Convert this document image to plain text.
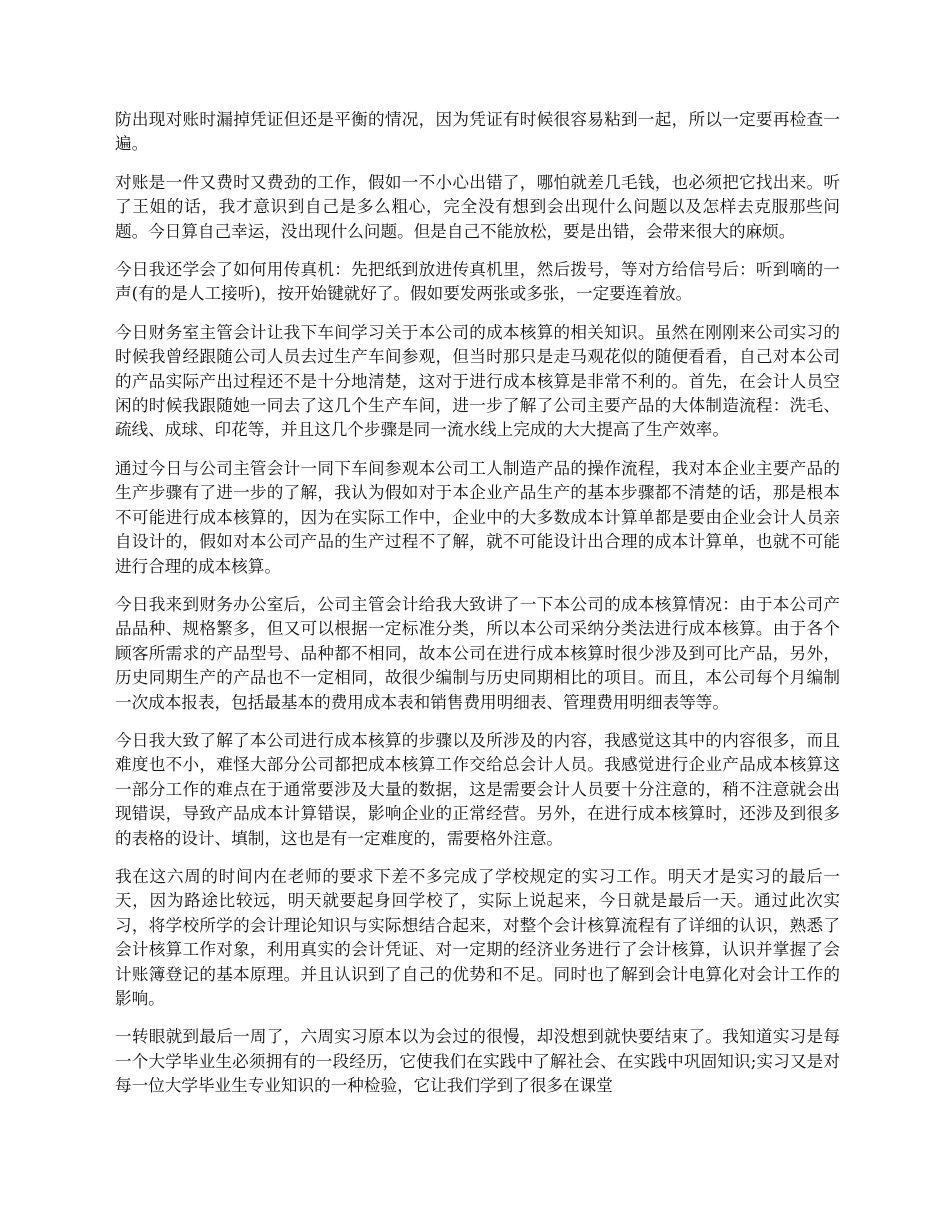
防出现对账时漏掉凭证但还是平衡的情况，因为凭证有时候很容易粘到一起，所以一定要再检查一遍。

对账是一件又费时又费劲的工作，假如一不小心出错了，哪怕就差几毛钱，也必须把它找出来。听了王姐的话，我才意识到自己是多么粗心，完全没有想到会出现什么问题以及怎样去克服那些问题。今日算自己幸运，没出现什么问题。但是自己不能放松，要是出错，会带来很大的麻烦。

今日我还学会了如何用传真机：先把纸到放进传真机里，然后拨号，等对方给信号后：听到嘀的一声(有的是人工接听)，按开始键就好了。假如要发两张或多张，一定要连着放。

今日财务室主管会计让我下车间学习关于本公司的成本核算的相关知识。虽然在刚刚来公司实习的时候我曾经跟随公司人员去过生产车间参观，但当时那只是走马观花似的随便看看，自己对本公司的产品实际产出过程还不是十分地清楚，这对于进行成本核算是非常不利的。首先，在会计人员空闲的时候我跟随她一同去了这几个生产车间，进一步了解了公司主要产品的大体制造流程：洗毛、疏线、成球、印花等，并且这几个步骤是同一流水线上完成的大大提高了生产效率。

通过今日与公司主管会计一同下车间参观本公司工人制造产品的操作流程，我对本企业主要产品的生产步骤有了进一步的了解，我认为假如对于本企业产品生产的基本步骤都不清楚的话，那是根本不可能进行成本核算的，因为在实际工作中，企业中的大多数成本计算单都是要由企业会计人员亲自设计的，假如对本公司产品的生产过程不了解，就不可能设计出合理的成本计算单，也就不可能进行合理的成本核算。

今日我来到财务办公室后，公司主管会计给我大致讲了一下本公司的成本核算情况：由于本公司产品品种、规格繁多，但又可以根据一定标准分类，所以本公司采纳分类法进行成本核算。由于各个顾客所需求的产品型号、品种都不相同，故本公司在进行成本核算时很少涉及到可比产品，另外，历史同期生产的产品也不一定相同，故很少编制与历史同期相比的项目。而且，本公司每个月编制一次成本报表，包括最基本的费用成本表和销售费用明细表、管理费用明细表等等。

今日我大致了解了本公司进行成本核算的步骤以及所涉及的内容，我感觉这其中的内容很多，而且难度也不小，难怪大部分公司都把成本核算工作交给总会计人员。我感觉进行企业产品成本核算这一部分工作的难点在于通常要涉及大量的数据，这是需要会计人员要十分注意的，稍不注意就会出现错误，导致产品成本计算错误，影响企业的正常经营。另外，在进行成本核算时，还涉及到很多的表格的设计、填制，这也是有一定难度的，需要格外注意。

我在这六周的时间内在老师的要求下差不多完成了学校规定的实习工作。明天才是实习的最后一天，因为路途比较远，明天就要起身回学校了，实际上说起来，今日就是最后一天。通过此次实习，将学校所学的会计理论知识与实际想结合起来，对整个会计核算流程有了详细的认识，熟悉了会计核算工作对象，利用真实的会计凭证、对一定期的经济业务进行了会计核算，认识并掌握了会计账簿登记的基本原理。并且认识到了自己的优势和不足。同时也了解到会计电算化对会计工作的影响。

一转眼就到最后一周了，六周实习原本以为会过的很慢，却没想到就快要结束了。我知道实习是每一个大学毕业生必须拥有的一段经历，它使我们在实践中了解社会、在实践中巩固知识;实习又是对每一位大学毕业生专业知识的一种检验，它让我们学到了很多在课堂
